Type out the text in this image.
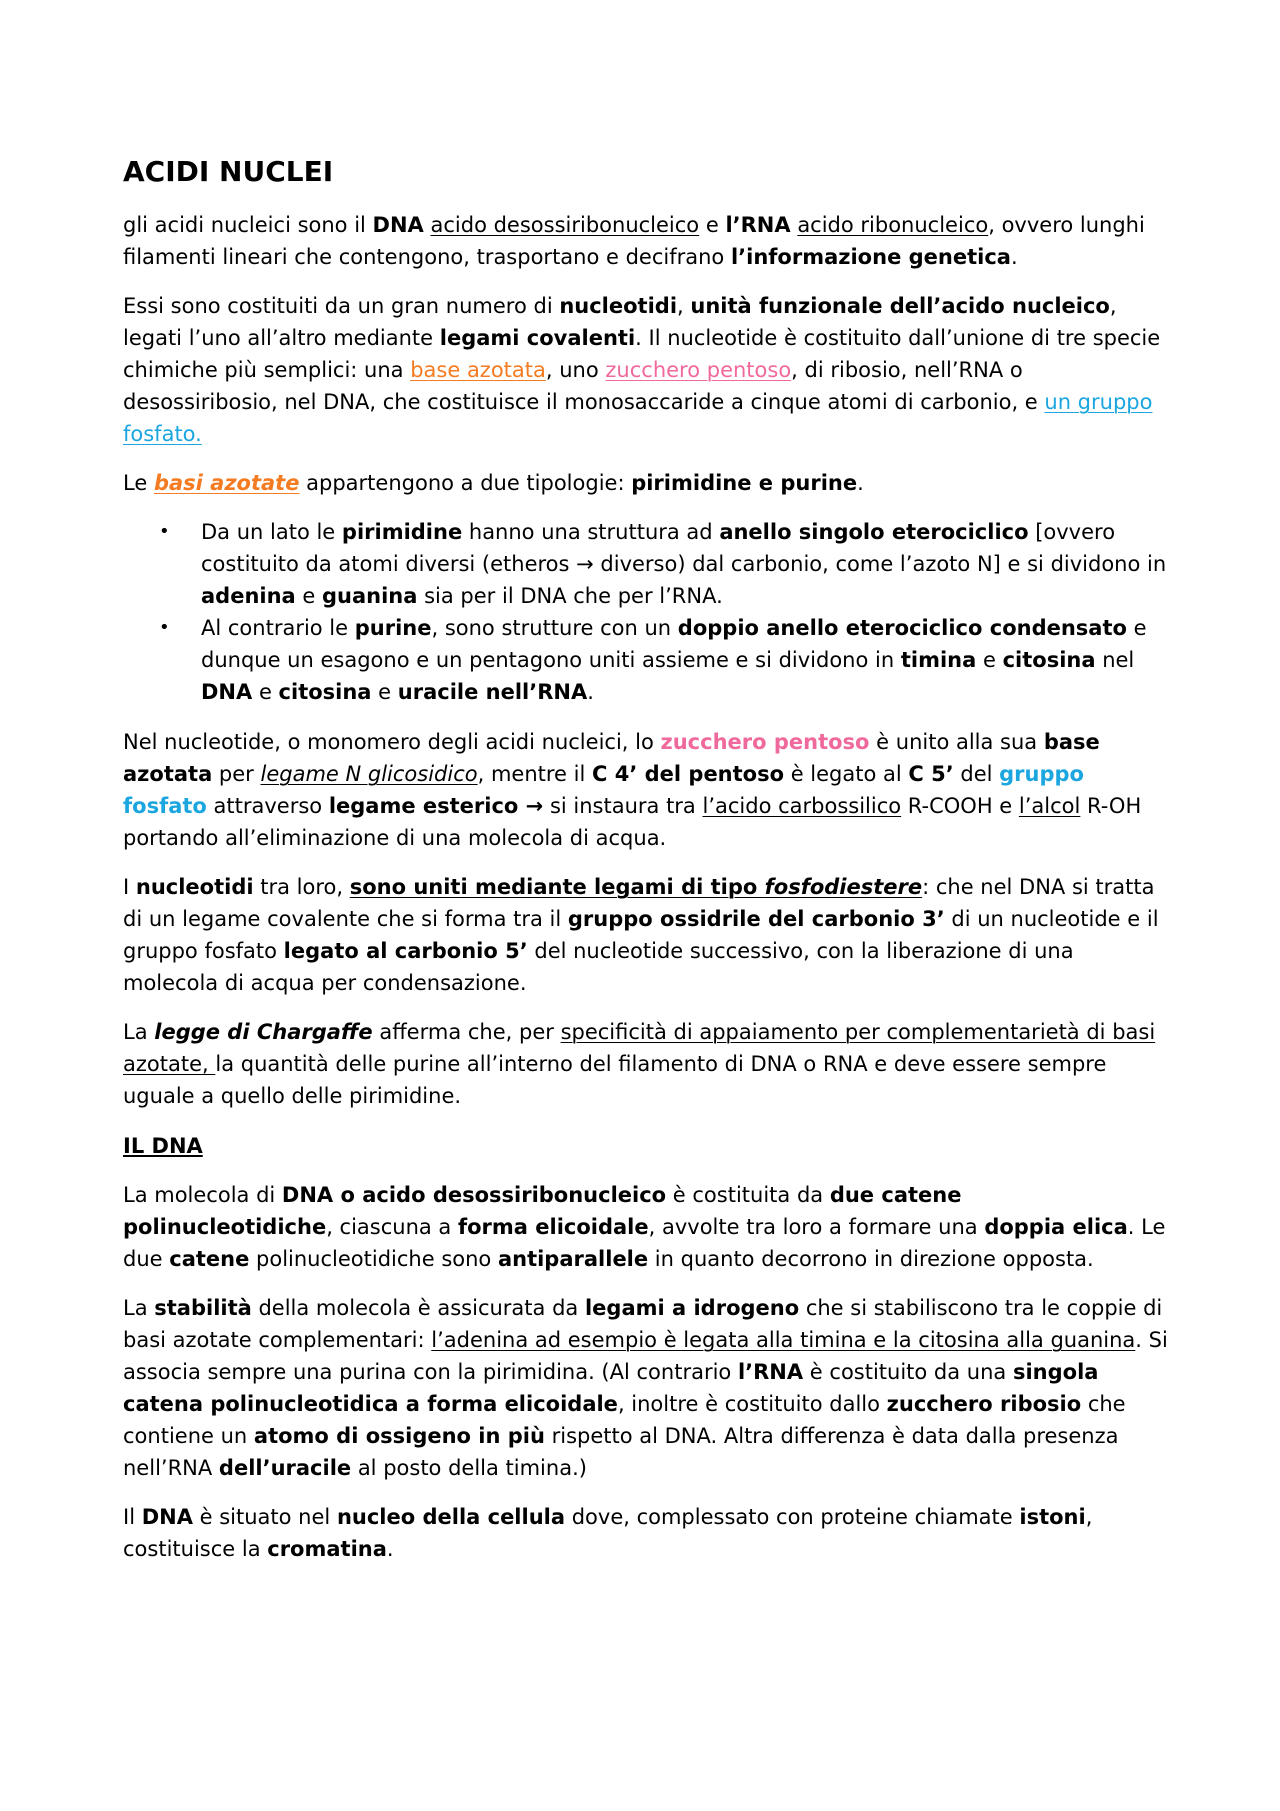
ACIDI NUCLEI

gli acidi nucleici sono il DNA acido desossiribonucleico e l’RNA acido ribonucleico, ovvero lunghi filamenti lineari che contengono, trasportano e decifrano l’informazione genetica.

Essi sono costituiti da un gran numero di nucleotidi, unità funzionale dell’acido nucleico, legati l’uno all’altro mediante legami covalenti. Il nucleotide è costituito dall’unione di tre specie chimiche più semplici: una base azotata, uno zucchero pentoso, di ribosio, nell’RNA o desossiribosio, nel DNA, che costituisce il monosaccaride a cinque atomi di carbonio, e un gruppo fosfato.

Le basi azotate appartengono a due tipologie: pirimidine e purine.

• Da un lato le pirimidine hanno una struttura ad anello singolo eterociclico [ovvero costituito da atomi diversi (etheros → diverso) dal carbonio, come l’azoto N] e si dividono in adenina e guanina sia per il DNA che per l’RNA.
• Al contrario le purine, sono strutture con un doppio anello eterociclico condensato e dunque un esagono e un pentagono uniti assieme e si dividono in timina e citosina nel DNA e citosina e uracile nell’RNA.

Nel nucleotide, o monomero degli acidi nucleici, lo zucchero pentoso è unito alla sua base azotata per legame N glicosidico, mentre il C 4’ del pentoso è legato al C 5’ del gruppo fosfato attraverso legame esterico → si instaura tra l’acido carbossilico R-COOH e l’alcol R-OH portando all’eliminazione di una molecola di acqua.

I nucleotidi tra loro, sono uniti mediante legami di tipo fosfodiestere: che nel DNA si tratta di un legame covalente che si forma tra il gruppo ossidrile del carbonio 3’ di un nucleotide e il gruppo fosfato legato al carbonio 5’ del nucleotide successivo, con la liberazione di una molecola di acqua per condensazione.

La legge di Chargaffe afferma che, per specificità di appaiamento per complementarietà di basi azotate, la quantità delle purine all’interno del filamento di DNA o RNA e deve essere sempre uguale a quello delle pirimidine.

IL DNA

La molecola di DNA o acido desossiribonucleico è costituita da due catene polinucleotidiche, ciascuna a forma elicoidale, avvolte tra loro a formare una doppia elica. Le due catene polinucleotidiche sono antiparallele in quanto decorrono in direzione opposta.

La stabilità della molecola è assicurata da legami a idrogeno che si stabiliscono tra le coppie di basi azotate complementari: l’adenina ad esempio è legata alla timina e la citosina alla guanina. Si associa sempre una purina con la pirimidina. (Al contrario l’RNA è costituito da una singola catena polinucleotidica a forma elicoidale, inoltre è costituito dallo zucchero ribosio che contiene un atomo di ossigeno in più rispetto al DNA. Altra differenza è data dalla presenza nell’RNA dell’uracile al posto della timina.)

Il DNA è situato nel nucleo della cellula dove, complessato con proteine chiamate istoni, costituisce la cromatina.
